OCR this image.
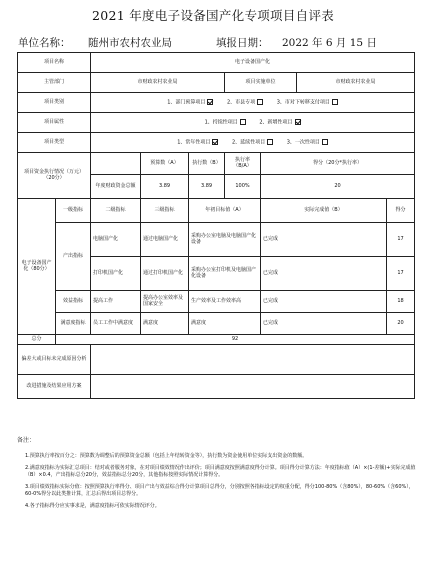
2021 年度电子设备国产化专项项目自评表
单位名称： 随州市农村农业局	填报日期： 2022 年 6 月 15 日
项目名称		电子设备国产化						
主管部门		市财政农村农业局			项目实施单位		市财政农村农业局	
项目类别		1、部门预算项目 2、市县专项 3、市对下转移支付项目						
项目属性		1、持续性项目 2、新增性项目						
项目类型		1、常年性项目 2、延续性项目 3、一次性项目						
项目资金执行情况（万元）（20分）			预算数（A）	执行数（B）	执行率（B/A）	得分（20分*执行率）		
		年度财政资金总额	3.89	3.89	100%	20		
电子设备国产化（80分）	一级指标	二级指标	三级指标	年初目标值（A）		实际完成值（B）		得分
	产出指标	电脑国产化	通过电脑国产化	采购办公室电脑及电脑国产化设备		已完成		17
		打印机国产化	通过打印机国产化	采购办公室打印机及电脑国产化设备		已完成		17
	效益指标	提高工作	提高办公室效率及国家安全	生产效率及工作效率高		已完成		18
	满意度指标	员工工作中满意度	满意度	满意度		已完成		20
总分	92							
偏差大或目标未完成原因分析								
改进措施及结果应用方案								

备注：

1.预算执行率按百分之：预算数为调整后的预算资金总额（包括上年结转资金等），执行数为资金使用单位实际支出资金的数额。

2.满意度指标为实际汇总项目：结对或者服务对象，在对项目绩效情况作出评价；项目满意度按照满意度得分计算。项目得分计算方法：年度指标值（A）×(1-差额)+实际完成值（B）×0.4，产出指标总分20分，效益指标总分20分，其他指标按照实际情况计算得分。

3.项目绩效指标实际分值：按照预算执行率得分、项目产出与效益综合得分计算项目总得分，分别按照各指标设定的权重分配，得分100-80%（含80%），80-60%（含60%），60-0%得分以此类推计算，汇总后得出项目总得分。

4.各子指标得分应实事求是，满意度指标可依实际情况评分。
